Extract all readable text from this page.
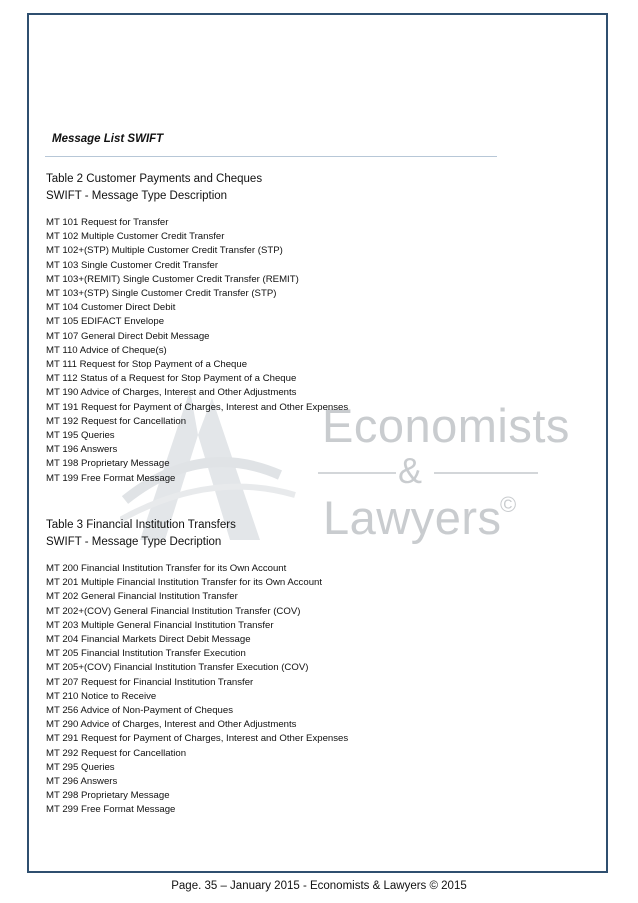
Economists
&
Lawyers
©
Message List SWIFT

Table 2 Customer Payments and Cheques

SWIFT - Message Type Description

MT 101 Request for Transfer
MT 102 Multiple Customer Credit Transfer
MT 102+(STP) Multiple Customer Credit Transfer (STP)
MT 103 Single Customer Credit Transfer
MT 103+(REMIT) Single Customer Credit Transfer (REMIT)
MT 103+(STP) Single Customer Credit Transfer (STP)
MT 104 Customer Direct Debit
MT 105 EDIFACT Envelope
MT 107 General Direct Debit Message
MT 110 Advice of Cheque(s)
MT 111 Request for Stop Payment of a Cheque
MT 112 Status of a Request for Stop Payment of a Cheque
MT 190 Advice of Charges, Interest and Other Adjustments
MT 191 Request for Payment of Charges, Interest and Other Expenses
MT 192 Request for Cancellation
MT 195 Queries
MT 196 Answers
MT 198 Proprietary Message
MT 199 Free Format Message

Table 3 Financial Institution Transfers

SWIFT - Message Type Decription

MT 200 Financial Institution Transfer for its Own Account
MT 201 Multiple Financial Institution Transfer for its Own Account
MT 202 General Financial Institution Transfer
MT 202+(COV) General Financial Institution Transfer (COV)
MT 203 Multiple General Financial Institution Transfer
MT 204 Financial Markets Direct Debit Message
MT 205 Financial Institution Transfer Execution
MT 205+(COV) Financial Institution Transfer Execution (COV)
MT 207 Request for Financial Institution Transfer
MT 210 Notice to Receive
MT 256 Advice of Non-Payment of Cheques
MT 290 Advice of Charges, Interest and Other Adjustments
MT 291 Request for Payment of Charges, Interest and Other Expenses
MT 292 Request for Cancellation
MT 295 Queries
MT 296 Answers
MT 298 Proprietary Message
MT 299 Free Format Message
Page. 35 – January 2015 - Economists & Lawyers © 2015
